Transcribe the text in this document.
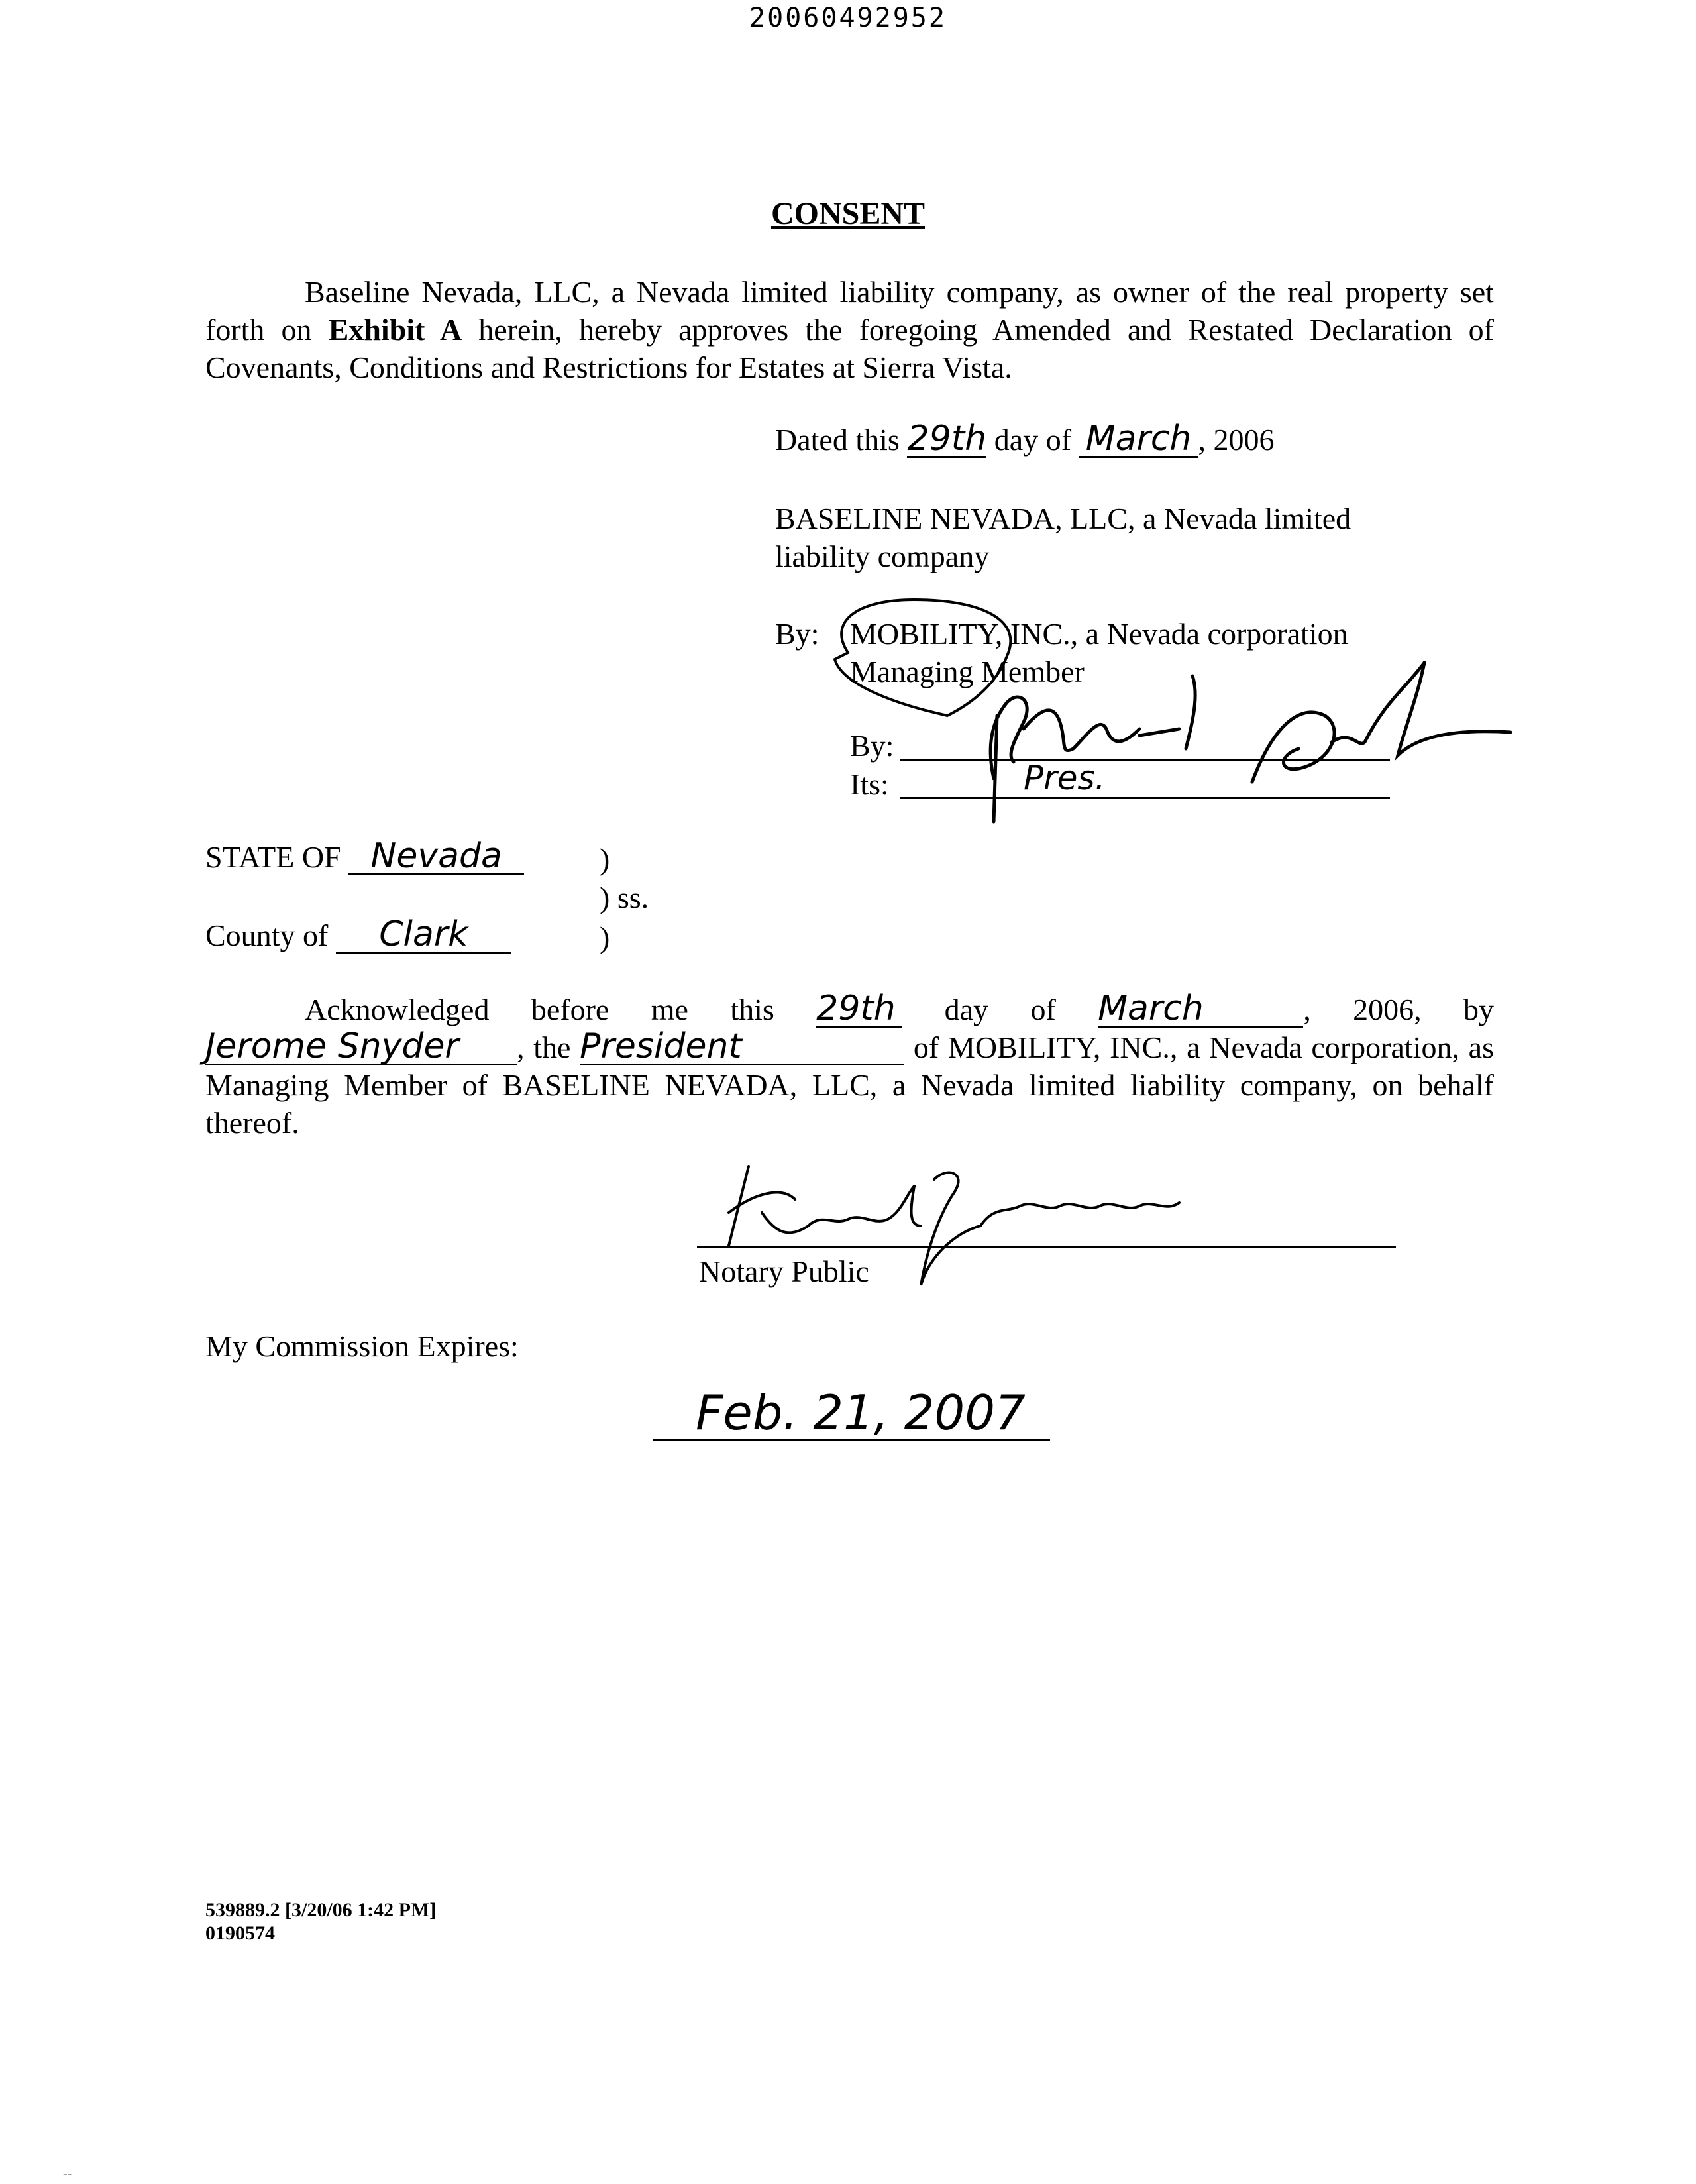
20060492952
CONSENT
Baseline Nevada, LLC, a Nevada limited liability company, as owner of the real property set forth on Exhibit A herein, hereby approves the foregoing Amended and Restated Declaration of Covenants, Conditions and Restrictions for Estates at Sierra Vista.
Dated this 29th day of March , 2006
BASELINE NEVADA, LLC, a Nevada limited
liability company
By: MOBILITY, INC., a Nevada corporation
Managing Member
By:
Its:	Pres.
STATE OF Nevada
County of Clark
)
) ss.
)
Acknowledged before me this 29th day of March	, 2006, by Jerome Snyder , the President	of MOBILITY, INC., a Nevada corporation, as Managing Member of BASELINE NEVADA, LLC, a Nevada limited liability company, on behalf thereof.
Notary Public
My Commission Expires:
Feb. 21, 2007
539889.2 [3/20/06 1:42 PM]
0190574
--
